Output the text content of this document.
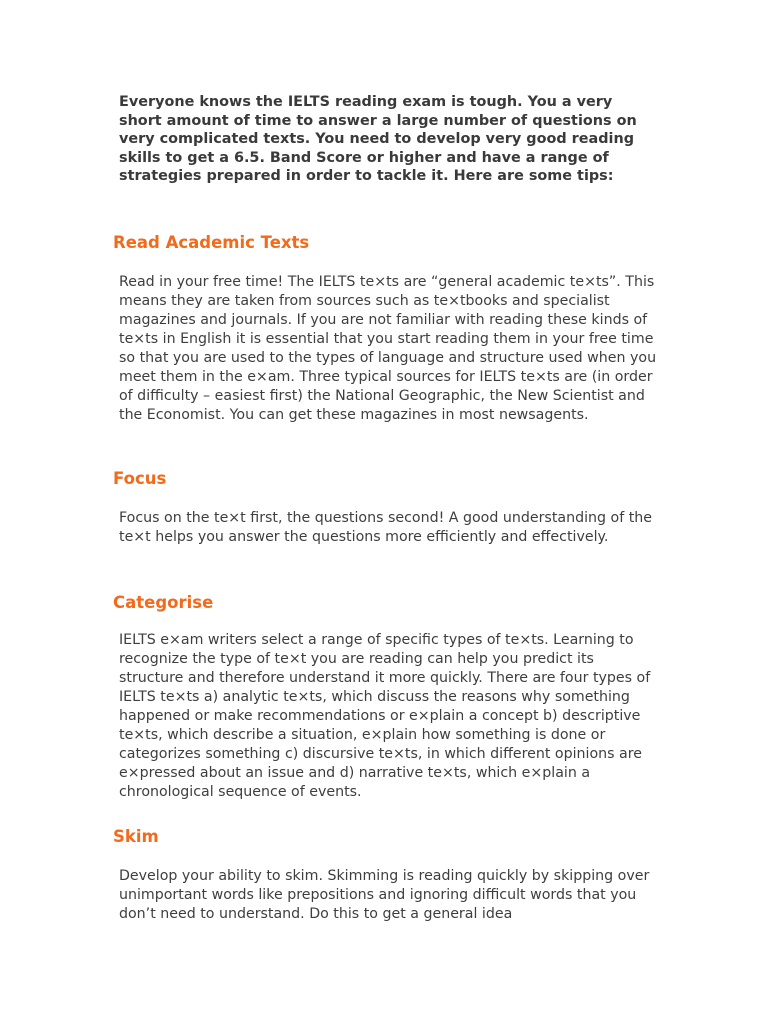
Everyone knows the IELTS reading exam is tough. You a very short amount of time to answer a large number of questions on very complicated texts. You need to develop very good reading skills to get a 6.5. Band Score or higher and have a range of strategies prepared in order to tackle it. Here are some tips:

Read Academic Texts

Read in your free time! The IELTS te×ts are “general academic te×ts”. This means they are taken from sources such as te×tbooks and specialist magazines and journals. If you are not familiar with reading these kinds of te×ts in English it is essential that you start reading them in your free time so that you are used to the types of language and structure used when you meet them in the e×am. Three typical sources for IELTS te×ts are (in order of difficulty – easiest first) the National Geographic, the New Scientist and the Economist. You can get these magazines in most newsagents.

Focus

Focus on the te×t first, the questions second! A good understanding of the te×t helps you answer the questions more efficiently and effectively.

Categorise

IELTS e×am writers select a range of specific types of te×ts. Learning to recognize the type of te×t you are reading can help you predict its structure and therefore understand it more quickly. There are four types of IELTS te×ts a) analytic te×ts, which discuss the reasons why something happened or make recommendations or e×plain a concept b) descriptive te×ts, which describe a situation, e×plain how something is done or categorizes something c) discursive te×ts, in which different opinions are e×pressed about an issue and d) narrative te×ts, which e×plain a chronological sequence of events.

Skim

Develop your ability to skim. Skimming is reading quickly by skipping over unimportant words like prepositions and ignoring difficult words that you don’t need to understand. Do this to get a general idea
